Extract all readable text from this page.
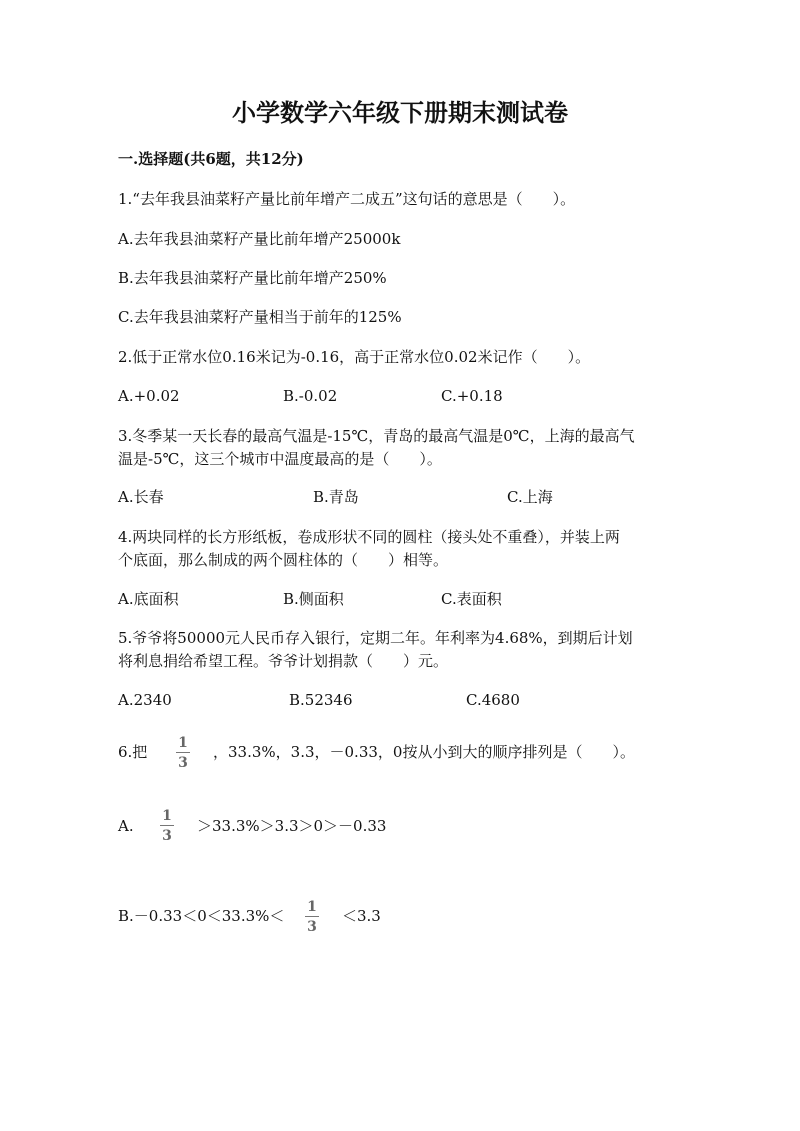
小学数学六年级下册期末测试卷
一.选择题(共6题，共12分)
1.“去年我县油菜籽产量比前年增产二成五”这句话的意思是（　　）。
A.去年我县油菜籽产量比前年增产25000k
B.去年我县油菜籽产量比前年增产250%
C.去年我县油菜籽产量相当于前年的125%
2.低于正常水位0.16米记为-0.16，高于正常水位0.02米记作（　　）。
A.+0.02	B.-0.02	C.+0.18
3.冬季某一天长春的最高气温是-15℃，青岛的最高气温是0℃，上海的最高气
温是-5℃，这三个城市中温度最高的是（　　）。
A.长春	B.青岛	C.上海
4.两块同样的长方形纸板，卷成形状不同的圆柱（接头处不重叠），并装上两
个底面，那么制成的两个圆柱体的（　　）相等。
A.底面积	B.侧面积	C.表面积
5.爷爷将50000元人民币存入银行，定期二年。年利率为4.68%，到期后计划
将利息捐给希望工程。爷爷计划捐款（　　）元。
A.2340	B.52346	C.4680
6.把 1
3
，33.3%，3.3，－0.33，0按从小到大的顺序排列是（　　）。
A.
1
3
＞33.3%＞3.3＞0＞－0.33
B.－0.33＜0＜33.3%＜ 1
3
＜3.3
